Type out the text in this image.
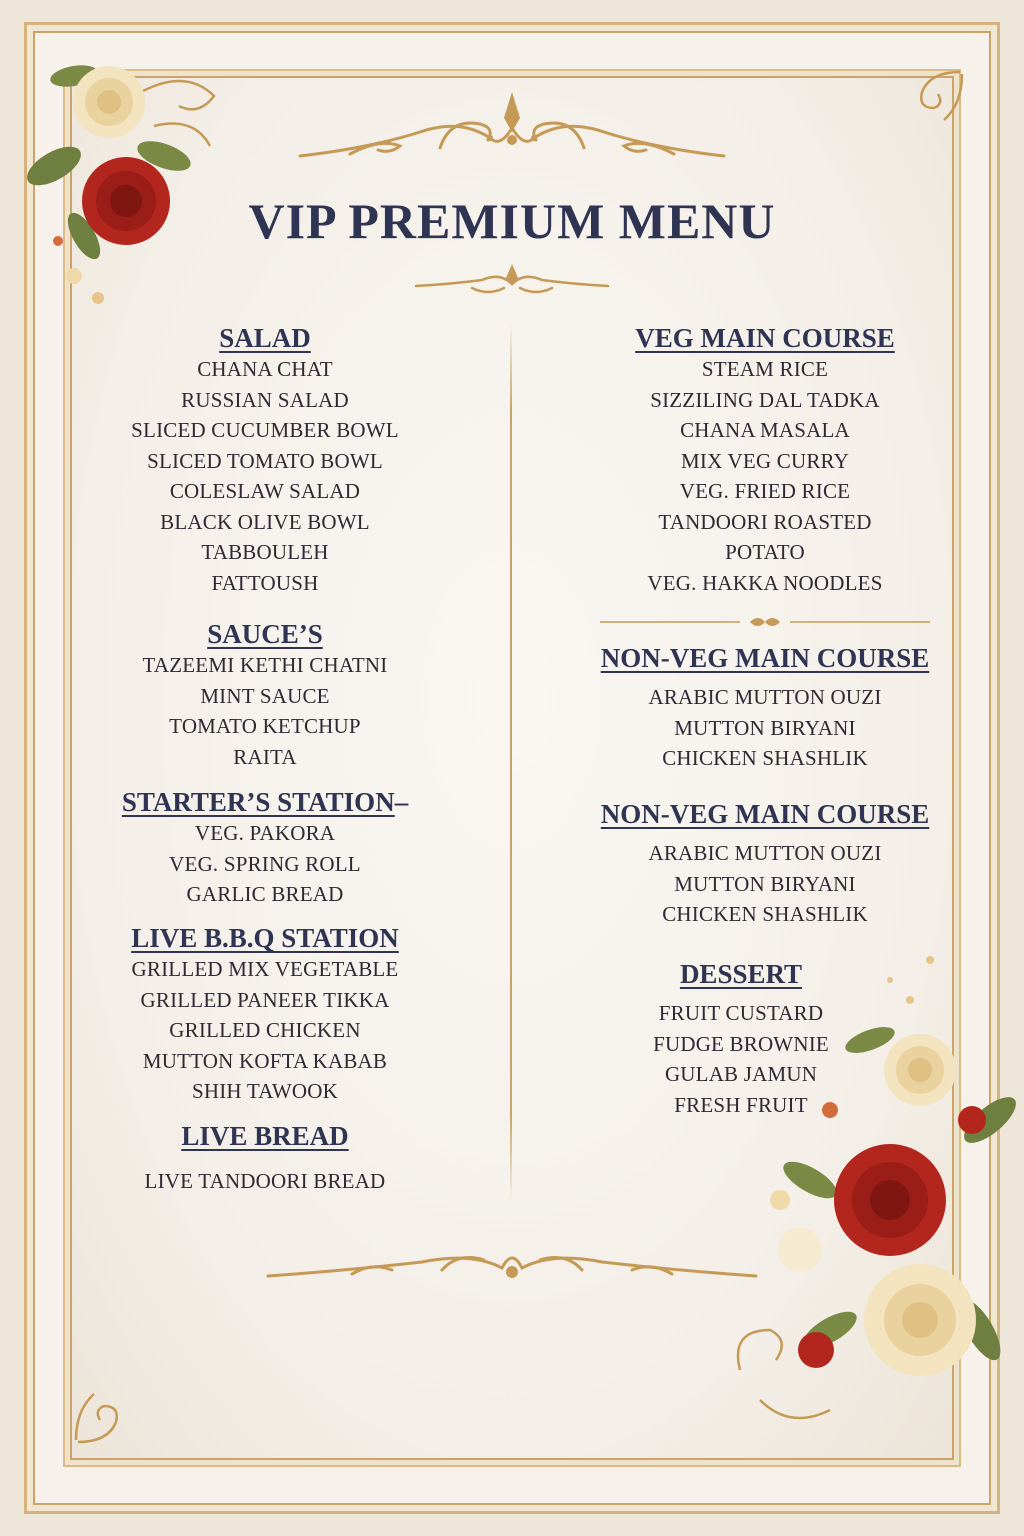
VIP PREMIUM MENU
SALAD
CHANA CHAT
RUSSIAN SALAD
SLICED CUCUMBER BOWL
SLICED TOMATO BOWL
COLESLAW SALAD
BLACK OLIVE BOWL
TABBOULEH
FATTOUSH
SAUCE’S
TAZEEMI KETHI CHATNI
MINT SAUCE
TOMATO KETCHUP
RAITA
STARTER’S STATION–
VEG. PAKORA
VEG. SPRING ROLL
GARLIC BREAD
LIVE B.B.Q STATION
GRILLED MIX VEGETABLE
GRILLED PANEER TIKKA
GRILLED CHICKEN
MUTTON KOFTA KABAB
SHIH TAWOOK
LIVE BREAD
LIVE TANDOORI BREAD
VEG MAIN COURSE
STEAM RICE
SIZZILING DAL TADKA
CHANA MASALA
MIX VEG CURRY
VEG. FRIED RICE
TANDOORI ROASTED
POTATO
VEG. HAKKA NOODLES
NON-VEG MAIN COURSE
ARABIC MUTTON OUZI
MUTTON BIRYANI
CHICKEN SHASHLIK
NON-VEG MAIN COURSE
ARABIC MUTTON OUZI
MUTTON BIRYANI
CHICKEN SHASHLIK
DESSERT
FRUIT CUSTARD
FUDGE BROWNIE
GULAB JAMUN
FRESH FRUIT
